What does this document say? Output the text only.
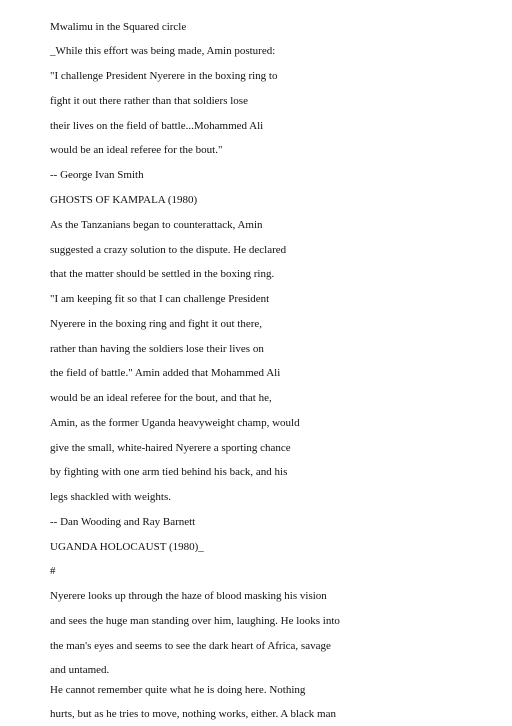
Mwalimu in the Squared circle
_While this effort was being made, Amin postured:
"I challenge President Nyerere in the boxing ring to
fight it out there rather than that soldiers lose
their lives on the field of battle...Mohammed Ali
would be an ideal referee for the bout."
-- George Ivan Smith
GHOSTS OF KAMPALA (1980)
As the Tanzanians began to counterattack, Amin
suggested a crazy solution to the dispute. He declared
that the matter should be settled in the boxing ring.
"I am keeping fit so that I can challenge President
Nyerere in the boxing ring and fight it out there,
rather than having the soldiers lose their lives on
the field of battle." Amin added that Mohammed Ali
would be an ideal referee for the bout, and that he,
Amin, as the former Uganda heavyweight champ, would
give the small, white-haired Nyerere a sporting chance
by fighting with one arm tied behind his back, and his
legs shackled with weights.
-- Dan Wooding and Ray Barnett
UGANDA HOLOCAUST (1980)_
#
Nyerere looks up through the haze of blood masking his vision
and sees the huge man standing over him, laughing. He looks into
the man's eyes and seems to see the dark heart of Africa, savage
and untamed.
He cannot remember quite what he is doing here. Nothing
hurts, but as he tries to move, nothing works, either. A black man
